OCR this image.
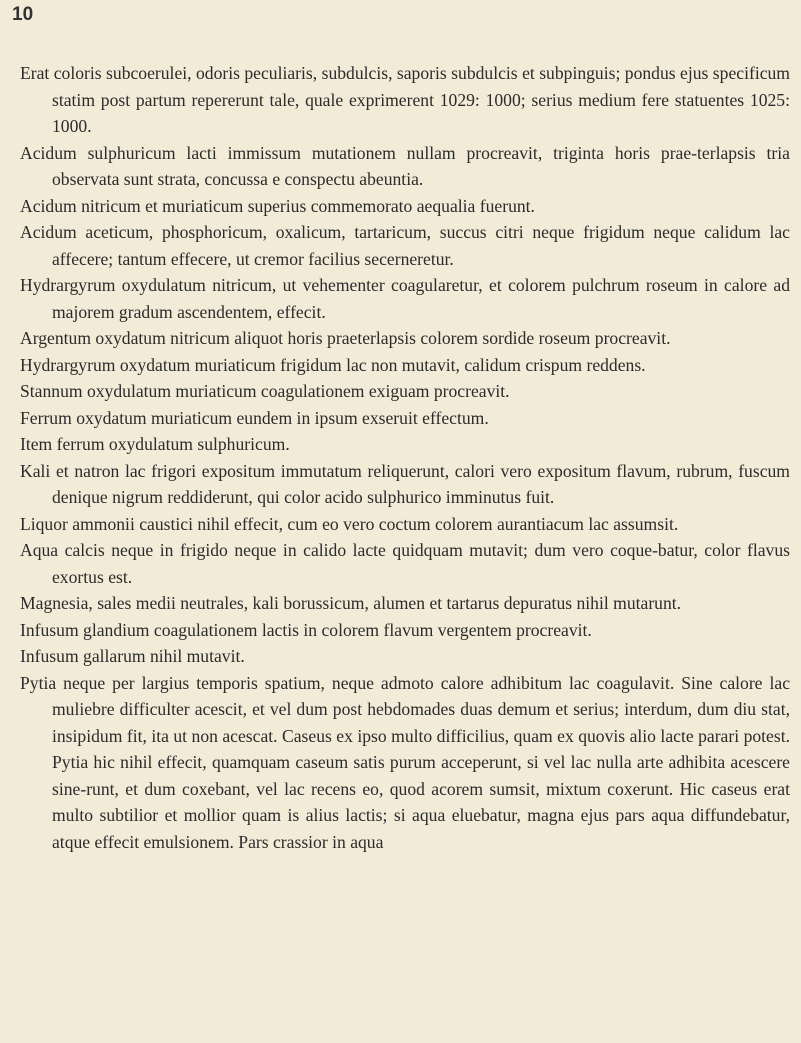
10

Erat coloris subcoerulei, odoris peculiaris, subdulcis, saporis subdulcis et subpinguis; pondus ejus specificum statim post partum repererunt tale, quale exprimerent 1029: 1000; serius medium fere statuentes 1025: 1000.

Acidum sulphuricum lacti immissum mutationem nullam procreavit, triginta horis prae-terlapsis tria observata sunt strata, concussa e conspectu abeuntia.

Acidum nitricum et muriaticum superius commemorato aequalia fuerunt.

Acidum aceticum, phosphoricum, oxalicum, tartaricum, succus citri neque frigidum neque calidum lac affecere; tantum effecere, ut cremor facilius secerneretur.

Hydrargyrum oxydulatum nitricum, ut vehementer coagularetur, et colorem pulchrum roseum in calore ad majorem gradum ascendentem, effecit.

Argentum oxydatum nitricum aliquot horis praeterlapsis colorem sordide roseum procreavit.

Hydrargyrum oxydatum muriaticum frigidum lac non mutavit, calidum crispum reddens.

Stannum oxydulatum muriaticum coagulationem exiguam procreavit.

Ferrum oxydatum muriaticum eundem in ipsum exseruit effectum.

Item ferrum oxydulatum sulphuricum.

Kali et natron lac frigori expositum immutatum reliquerunt, calori vero expositum flavum, rubrum, fuscum denique nigrum reddiderunt, qui color acido sulphurico imminutus fuit.

Liquor ammonii caustici nihil effecit, cum eo vero coctum colorem aurantiacum lac assumsit.

Aqua calcis neque in frigido neque in calido lacte quidquam mutavit; dum vero coque-batur, color flavus exortus est.

Magnesia, sales medii neutrales, kali borussicum, alumen et tartarus depuratus nihil mutarunt.

Infusum glandium coagulationem lactis in colorem flavum vergentem procreavit.

Infusum gallarum nihil mutavit.

Pytia neque per largius temporis spatium, neque admoto calore adhibitum lac coagulavit. Sine calore lac muliebre difficulter acescit, et vel dum post hebdomades duas demum et serius; interdum, dum diu stat, insipidum fit, ita ut non acescat. Caseus ex ipso multo difficilius, quam ex quovis alio lacte parari potest. Pytia hic nihil effecit, quamquam caseum satis purum acceperunt, si vel lac nulla arte adhibita acescere sine-runt, et dum coxebant, vel lac recens eo, quod acorem sumsit, mixtum coxerunt. Hic caseus erat multo subtilior et mollior quam is alius lactis; si aqua eluebatur, magna ejus pars aqua diffundebatur, atque effecit emulsionem. Pars crassior in aqua
